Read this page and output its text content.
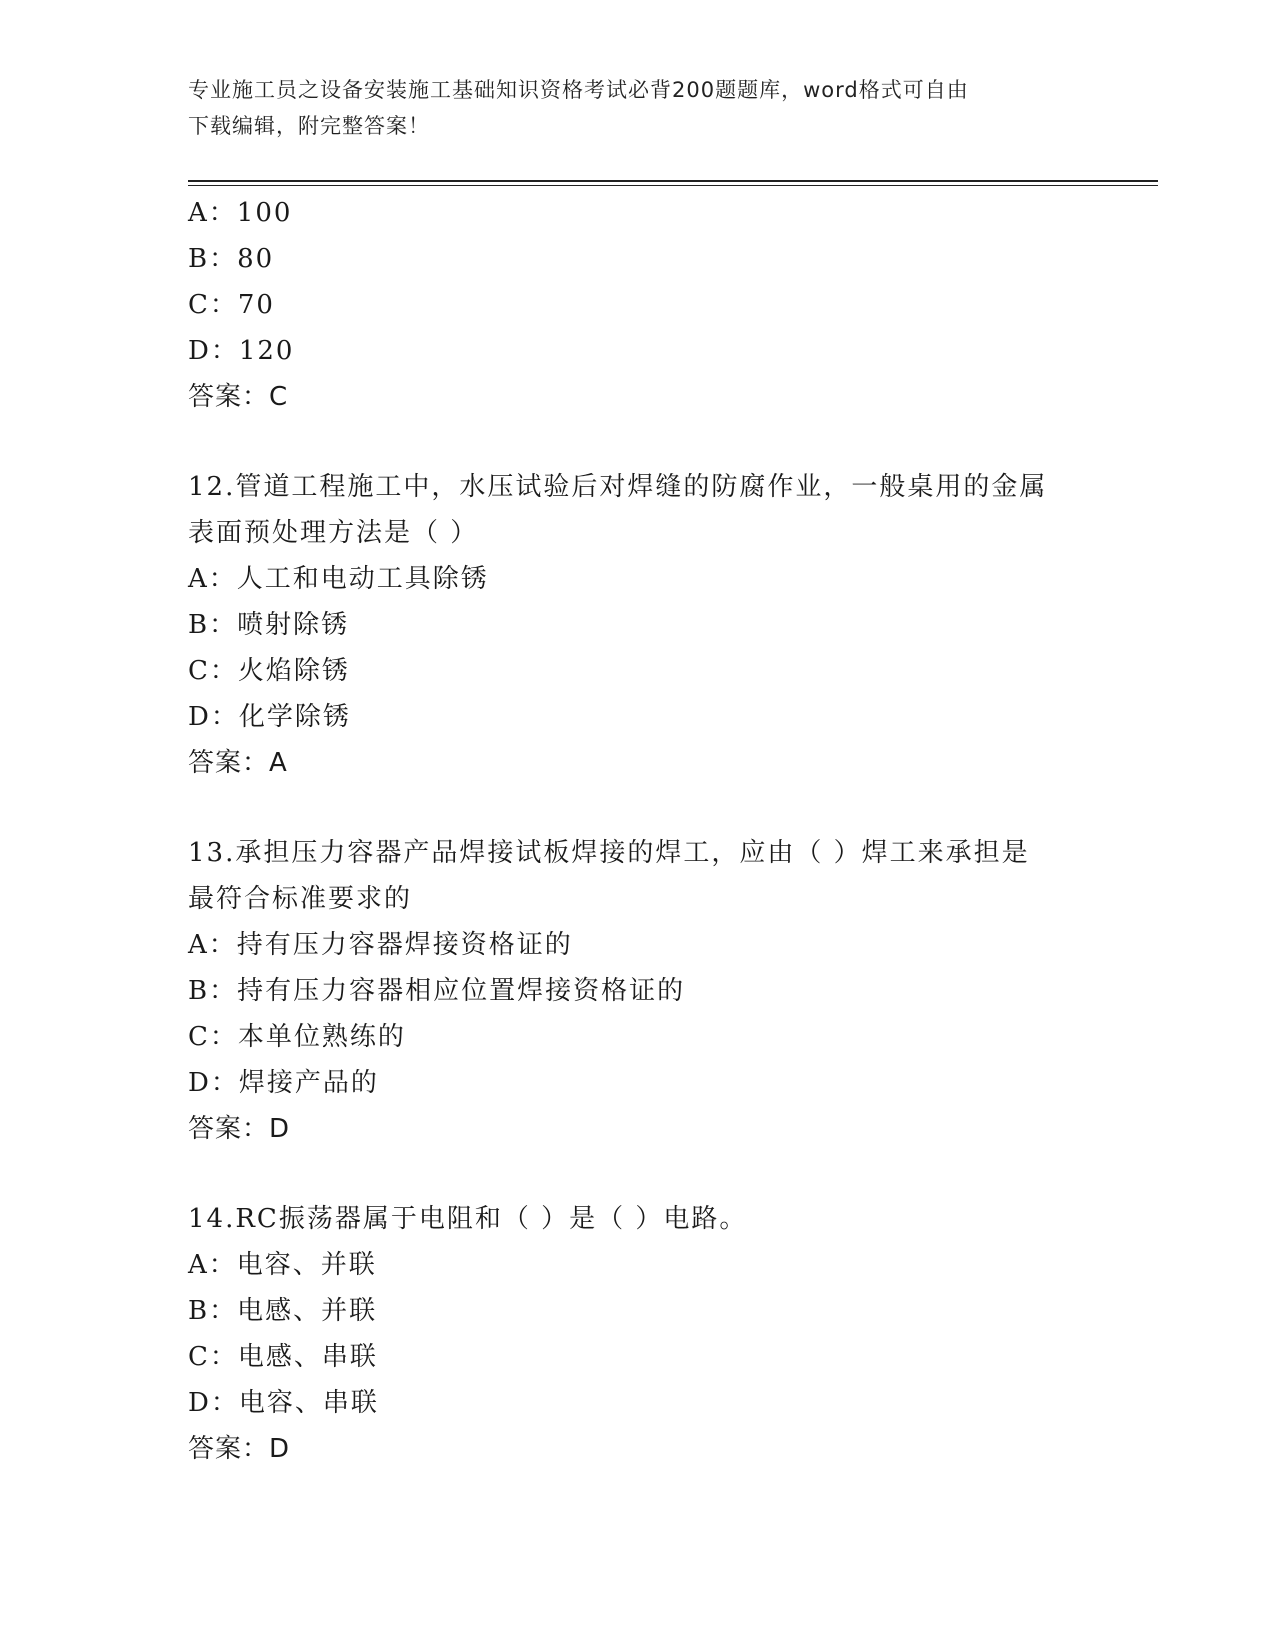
专业施工员之设备安装施工基础知识资格考试必背200题题库，word格式可自由
下载编辑，附完整答案！
A：100
B：80
C：70
D：120
答案：C
12.管道工程施工中，水压试验后对焊缝的防腐作业，一般桌用的金属
表面预处理方法是（ ）
A：人工和电动工具除锈
B：喷射除锈
C：火焰除锈
D：化学除锈
答案：A
13.承担压力容器产品焊接试板焊接的焊工，应由（ ）焊工来承担是
最符合标准要求的
A：持有压力容器焊接资格证的
B：持有压力容器相应位置焊接资格证的
C：本单位熟练的
D：焊接产品的
答案：D
14.RC振荡器属于电阻和（ ）是（ ）电路。
A：电容、并联
B：电感、并联
C：电感、串联
D：电容、串联
答案：D
